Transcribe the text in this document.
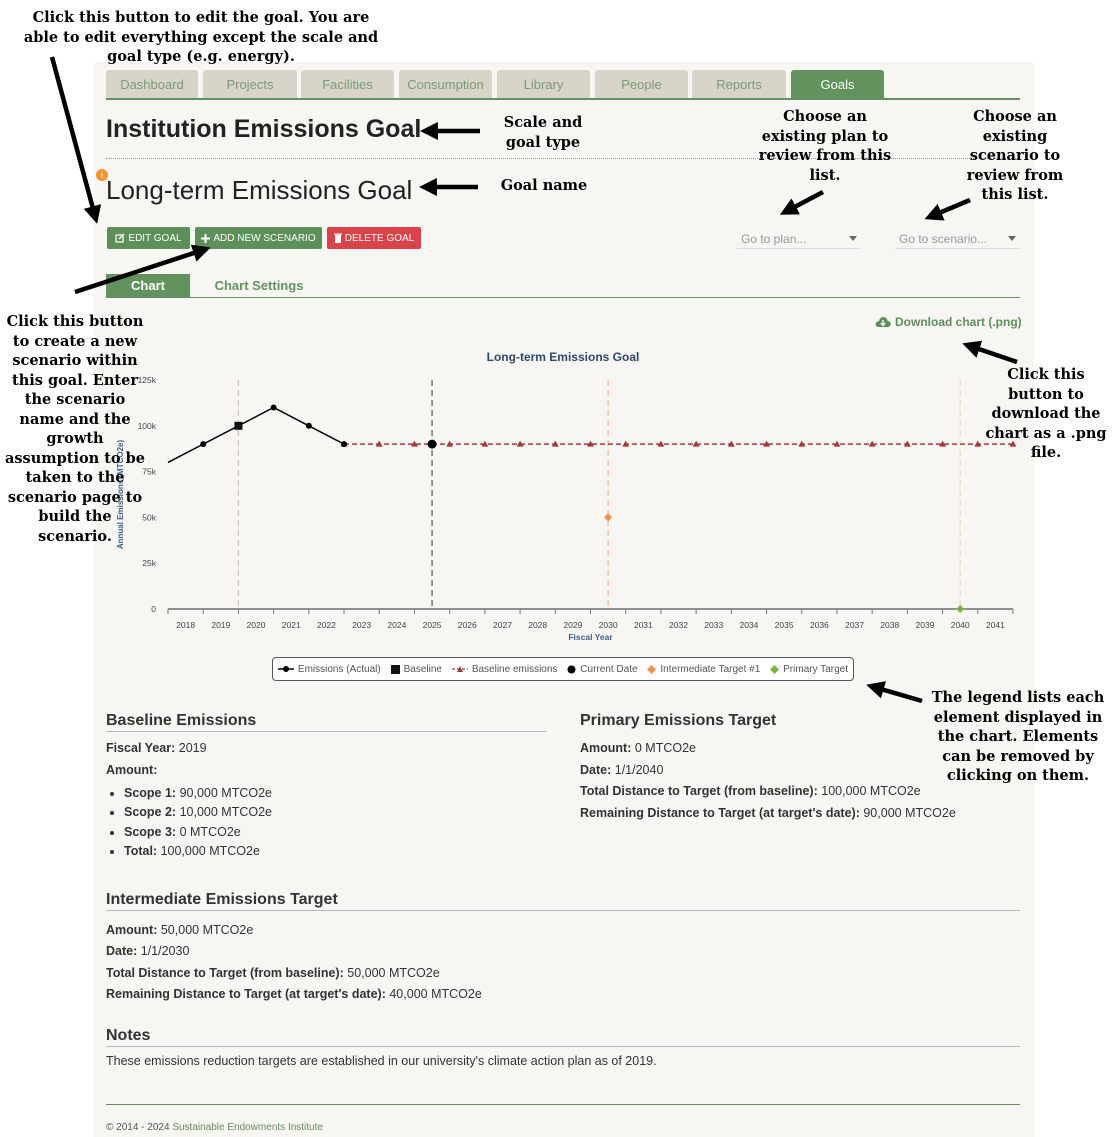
Dashboard	Projects	Facilities	Consumption	Library	People	Reports	Goals
Institution Emissions Goal
i Long-term Emissions Goal
EDIT GOAL	ADD NEW SCENARIO	DELETE GOAL	Go to plan...	Go to scenario...
Chart	Chart Settings
Download chart (.png)
Long-term Emissions Goal
0
25k
50k
75k
100k
125k
Annual Emissions (MTCO2e)
2018 2019 2020 2021 2022 2023 2024 2025 2026 2027 2028 2029 2030 2031 2032 2033 2034 2035 2036 2037 2038 2039 2040 2041
Fiscal Year
Emissions (Actual) Baseline	Baseline emissions Current Date Intermediate Target #1 Primary Target
Baseline Emissions
Fiscal Year: 2019
Amount:
• Scope 1: 90,000 MTCO2e
• Scope 2: 10,000 MTCO2e
• Scope 3: 0 MTCO2e
• Total: 100,000 MTCO2e
Primary Emissions Target
Amount: 0 MTCO2e
Date: 1/1/2040
Total Distance to Target (from baseline): 100,000 MTCO2e
Remaining Distance to Target (at target's date): 90,000 MTCO2e
Intermediate Emissions Target
Amount: 50,000 MTCO2e
Date: 1/1/2030
Total Distance to Target (from baseline): 50,000 MTCO2e
Remaining Distance to Target (at target's date): 40,000 MTCO2e
Notes
These emissions reduction targets are established in our university's climate action plan as of 2019.
© 2014 - 2024 Sustainable Endowments Institute
Click this button to edit the goal. You are able to edit everything except the scale and goal type (e.g. energy).
Scale and goal type
Goal name
Choose an existing plan to review from this list.
Choose an existing scenario to review from this list.
Click this button to create a new scenario within this goal. Enter the scenario name and the growth assumption to be taken to the scenario page to build the scenario.
Click this button to download the chart as a .png file.
The legend lists each element displayed in the chart. Elements can be removed by clicking on them.
